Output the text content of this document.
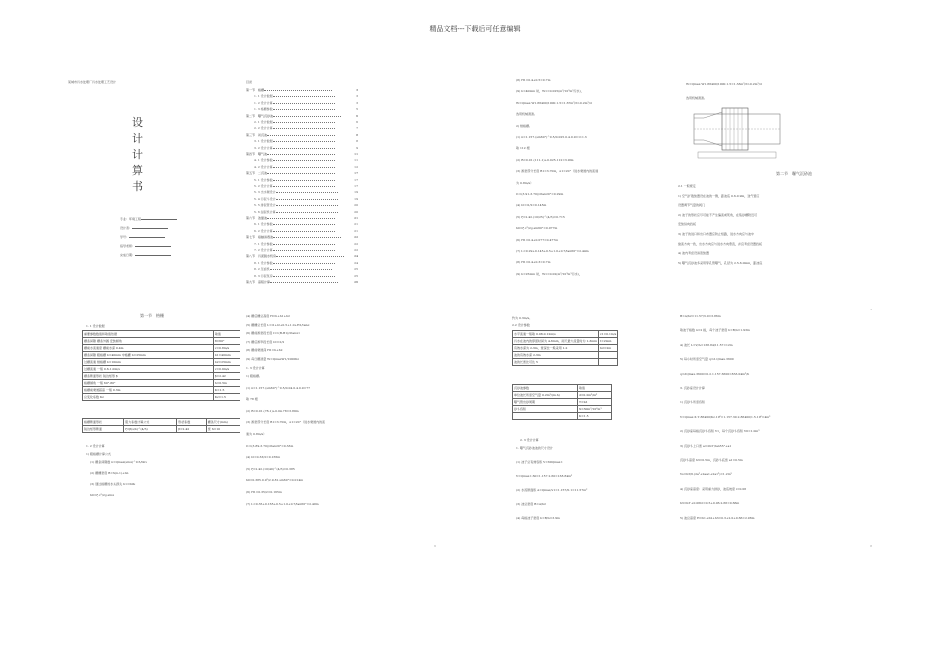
精品文档---下载后可任意编辑
某城市污水处理厂污水处理工艺设计
设
计
计
算
书
专业：环境工程
设计者：
学号：
指导老师：
完成日期：
目录
第一节　格栅	3
1. 1 设计数据	3
1. 2 设计计算	3
1. 3 格栅参数	5
第二节　曝气沉砂池	6
2. 1 设计数据	6
2. 2 设计计算	7
第三节　初沉池	8
3. 1 设计数据	8
3. 2 设计计算	9
第四节　曝气池	11
4. 1 设计参数	11
4. 2 设计计算	12
第五节　二沉池	17
5. 1 设计参数	17
5. 2 设计计算	17
5. 3 出水堰设计	19
5. 4 污泥斗设计	19
5. 5 排泥管设计	20
5. 6 刮泥机计算	20
第六节　浓缩池	21
6. 1 设计参数	21
6. 2 设计计算	21
第七节　接触消毒池	22
7. 1 设计参数	22
7. 2 设计计算	22
第八节　污泥脱水机房	24
8. 1 设计参数	24
8. 2 压滤机	25
8. 3 污泥泵房	25
第九节　高程计算	26
(8) H1=0.4+0.5=0.7m
(9) b=40mm 时，W1=0.025(m³/10³m³污水)，
W=Qmax·W1·86400/1000·1.5=1.67m³/d>0.2m³/d
选用机械清渣。
2) 细格栅。
(1) n=1.157·(sin60°)^0.5/0.025·0.4·0.9=111.3
取 112 根
(2) B=0.01·(111-1)+0.025·112=3.9lm
(3) 渐宽部分长度 B1=3.70m，α1=20°（进水渠道内的流速
为 0.8m/s）
l1=(3.91-3.70)/2tan20°=0.29m
(4) l2=l1/2=0.145m
(5) ξ=2.42·(10/25)^(4/3)=0.715
h0=ξ·v²/2g·sin60°=0.077m
(6) H1=0.4+0.077=0.477m
(7) L=0.29+0.145+0.5+1.0+0.7/tan60°=2.44m
(8) H1=0.4+0.3=0.7m
(9) b=25mm 时，W1=0.02(m³/10³m³污水)，
W=Qmax·W1·86400/1000·1.5=1.33m³/d>0.2m³/d
选用机械清渣。
第二节　曝气沉砂池
2.1 一般规定
1) 空气扩散装置设在池的一侧，距池底 0.6-0.9m，送气管应
设置调节气量的阀门
2) 池子的形状应尽可能不产生偏流或死角，在集砂槽附近可
安装纵向挡板
3) 池子的进口和出口布置应防止短路，进水方向应与池中
旋流方向一致，出水方向应与进水方向垂直，并宜考虑设置挡板
4) 池内考虑设消泡装置
5) 曝气沉砂池多采用穿孔管曝气，孔径为 2.5-6.0mm，距池底
第一节　格栅
1. 1 设计数据
重要参数数值和取值依据	取值
栅条间隙 栅条外圆 安装倾角	θ=60°
栅前水流速度 栅前水深 0.4m	v=0.8m/s
栅条间隙 粗格栅 b=40mm 中格栅 b=25mm	b1=40mm
过栅流速 细格栅 b=10mm	b2=25mm
过栅流速 一般 0.6-1.0m/s	v=0.9m/s
栅条断面形状 锐边矩形 β	β=2.42
格栅倾角 一般 60°-80°	h=0.5m
格栅前渠道超高 一般 0.3m	K=1.5
总变化系数 Kz	Kz=1.5
格栅断面形状	阻力系数计算公式	形状系数	栅条尺寸(mm)
锐边矩形断面	ξ=β(s/b)^(4/3)	β=2.42	宽 S=10
1. 2 设计计算
1) 粗格栅计算公式
(1) 栅条间隙数 n=Qmax(sinα)^0.5/bhv
(2) 栅槽宽度 B=S(n-1)+bn
(3) 通过格栅的水头损失 h1=h0k
h0=ξ·v²/2g·sinα
(4) 栅后槽总高度 H=h+h1+h2
(5) 栅槽总长度 L=l1+l2+0.5+1.0+H1/tanα
(6) 栅前渐宽段长度 l1=(B-B1)/2tanα1
(7) 栅后渐窄段长度 l2=l1/2
(8) 栅前渠道深 H1=h+h2
(9) 每日栅渣量 W=QmaxW1/1000Kz
1. 3 设计计算
1) 粗格栅。
(1) n=1.157·(sin60°)^0.5/0.04·0.4·0.9=77
取 78 根
(2) B=0.01·(78-1)+0.04·78=3.89m
(3) 渐宽部分长度 B1=3.70m，α1=20°（进水渠道内的流
速为 0.8m/s）
l1=(3.89-3.70)/2tan20°=0.33m
(4) l2=0.33/2=0.165m
(5) ξ=2.42·(10/40)^(4/3)=0.385
h0=0.385·0.9²/2·9.81·sin60°=0.014m
(6) H1=0.35/2=0.165m
(7) L=0.35+0.165+0.5+1.0+0.7/tan60°=2.40m
6
约为 0.3m/s。
2.2 设计参数
水平流速一般取 0.08-0.12m/s	v1=0.1m/s
污水在池内的停留时间为 4-6min，雨天最大流量时为 1-3min	t=2min
有效水深为 2-3m，宽深比一般采用 1-2	h2=2m
池的有效水深 2-3m	
池的长宽比可达 5	
沉砂池参数	取值
单位池长所需空气量 0.2m³/(m·h)	d=0.2m³/m³
曝气管出砂周期	T=2d
砂斗容积	X=30m³/10⁶m³
	K=1.5
2. 3 设计计算
1. 曝气沉砂池池的尺寸设计
(1) 池子总有效容积 V=60Qmax·t
V=Qmax·t·60=1.157·2·60=138.84m³
(2) 水流断面积 A=Qmax/v1=1.157/0.1=11.57m²
(3) 池总宽度 B=A/h2
(4) 每格池子宽度 b=B/n=3.9m
B=A/h2=11.57/3.0=3.86m
取池子格数 n=2 格，每个池子宽度 b=B/n=1.93m
4) 池长 L=V/A=138.84/11.57=12m
5) 每小时所需空气量 q=d·Qmax·3600
q=dQmax·3600=0.2·1.157·3600=833.04m³/h
3. 沉砂室设计计算
1) 沉砂斗所需容积
V=Qmax·X·T·86400/Kz·10⁶=1.157·30·2·86400/1.5·10⁶=4m³
2) 沉砂室每格沉砂斗容积 V1，每个沉砂斗容积 V0=1.0m³
3) 沉砂斗上口宽 a=2h3'/tan55°+a1
沉砂斗高度 h3=0.5m，沉砂斗底宽 a1=0.5m
Vs=h3/6·(2a²+2aa1+2a1²)=1.2m³
4) 沉砂室高度：采用重力排砂，池底坡度 i=0.06
h3=h3'+0.06l2=0.5+0.06·2.66=0.66m
5) 池总高度 H=h1+h2+h3=0.3+2.0+0.66=2.96m
8
